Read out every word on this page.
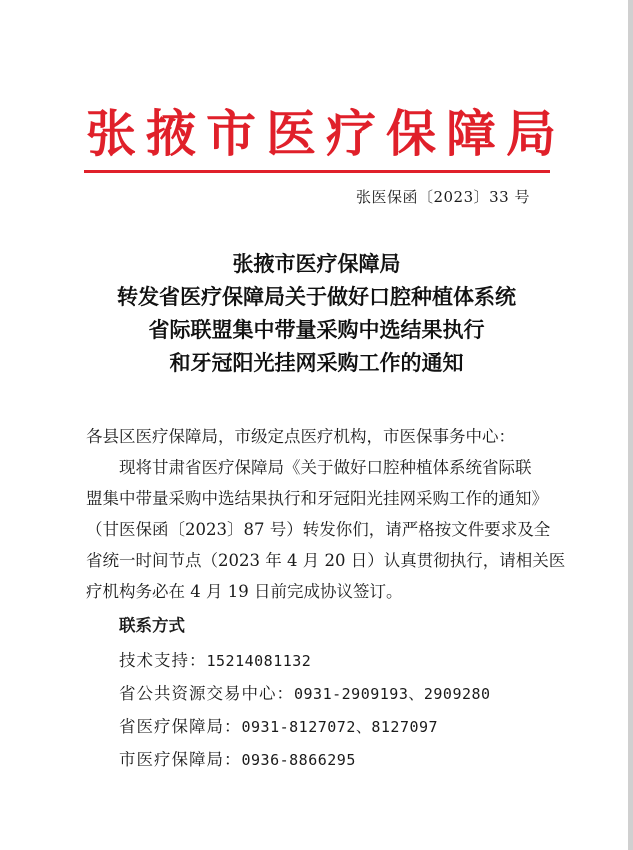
张掖市医疗保障局
张医保函〔2023〕33 号
张掖市医疗保障局
转发省医疗保障局关于做好口腔种植体系统
省际联盟集中带量采购中选结果执行
和牙冠阳光挂网采购工作的通知
各县区医疗保障局，市级定点医疗机构，市医保事务中心：
现将甘肃省医疗保障局《关于做好口腔种植体系统省际联
盟集中带量采购中选结果执行和牙冠阳光挂网采购工作的通知》
（甘医保函〔2023〕87 号）转发你们，请严格按文件要求及全
省统一时间节点（2023 年 4 月 20 日）认真贯彻执行，请相关医
疗机构务必在 4 月 19 日前完成协议签订。
联系方式
技术支持：15214081132
省公共资源交易中心：0931-2909193、2909280
省医疗保障局：0931-8127072、8127097
市医疗保障局：0936-8866295
